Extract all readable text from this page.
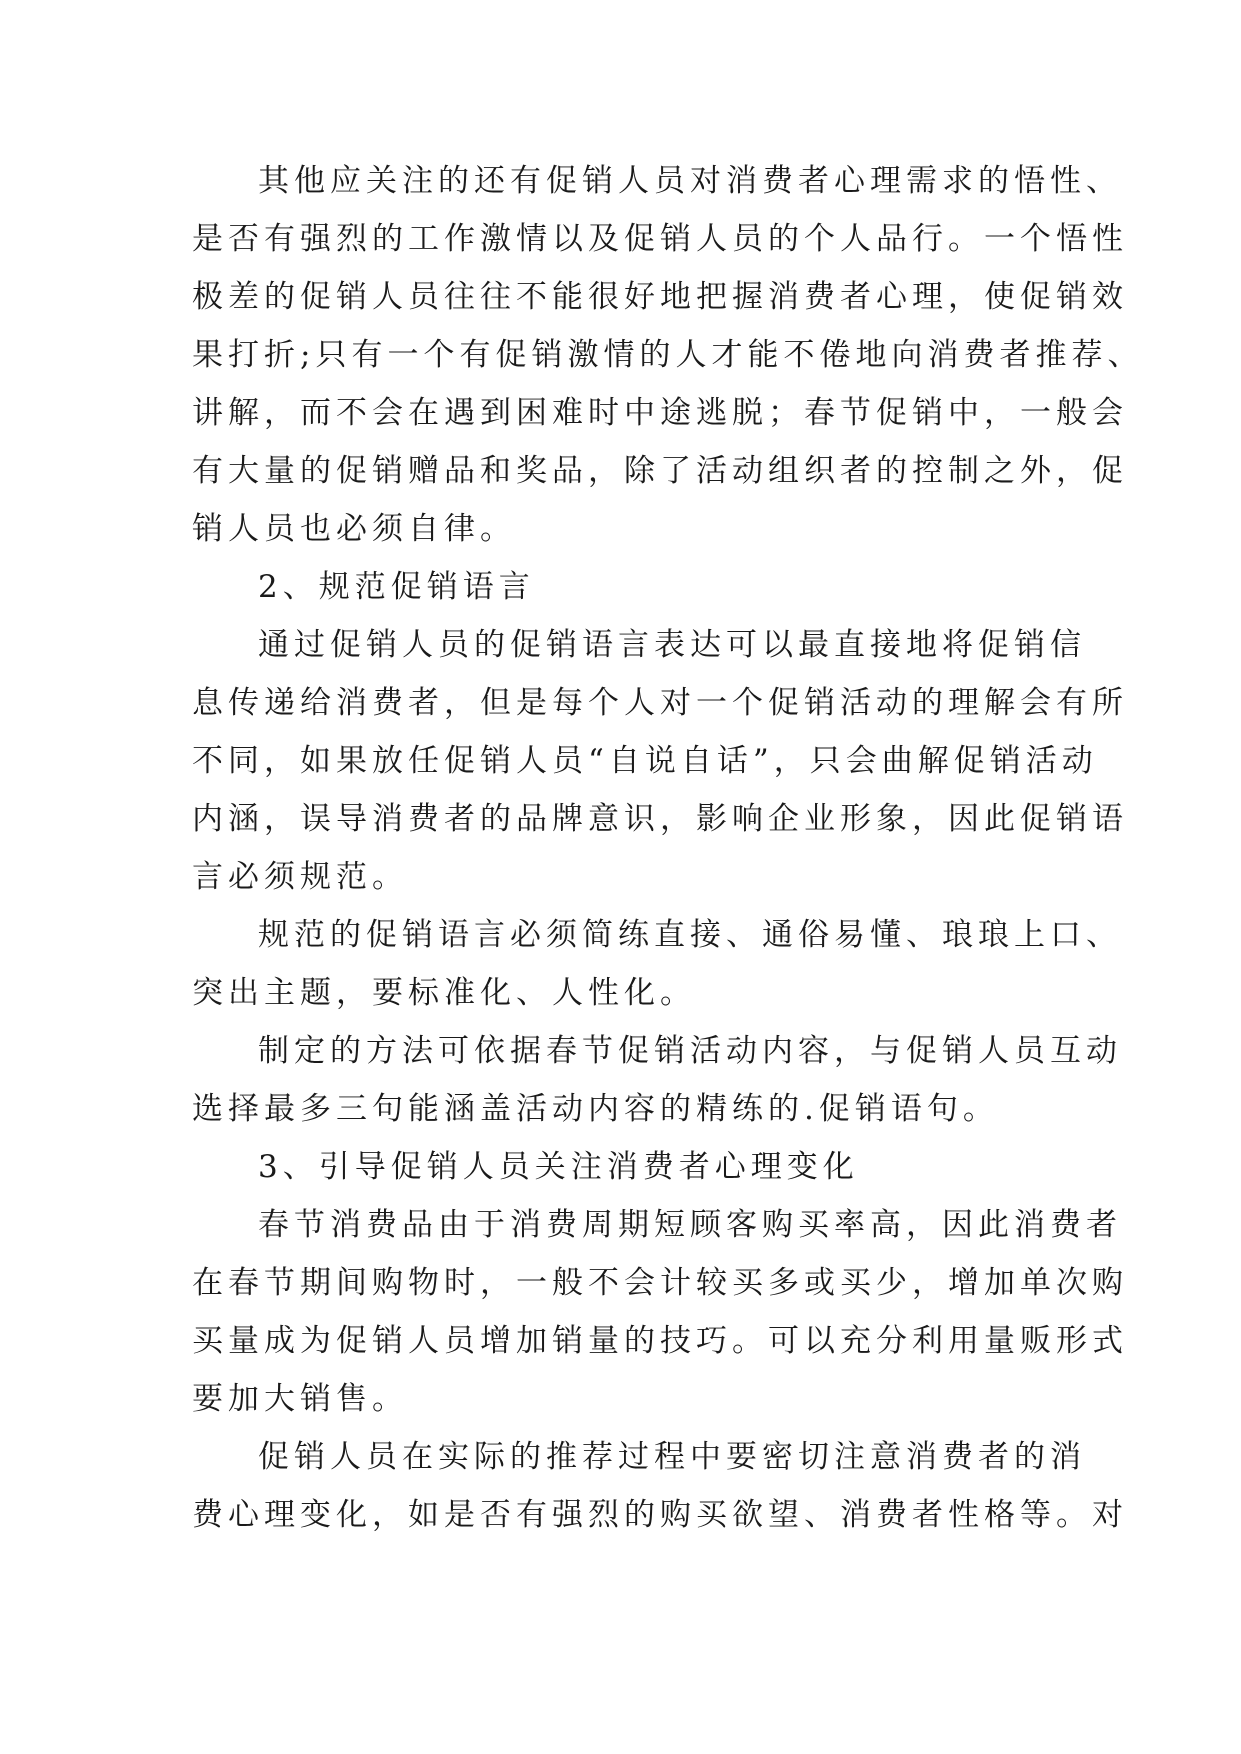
其他应关注的还有促销人员对消费者心理需求的悟性、
是否有强烈的工作激情以及促销人员的个人品行。一个悟性
极差的促销人员往往不能很好地把握消费者心理，使促销效
果打折;只有一个有促销激情的人才能不倦地向消费者推荐、
讲解，而不会在遇到困难时中途逃脱；春节促销中，一般会
有大量的促销赠品和奖品，除了活动组织者的控制之外，促
销人员也必须自律。
2、规范促销语言
通过促销人员的促销语言表达可以最直接地将促销信
息传递给消费者，但是每个人对一个促销活动的理解会有所
不同，如果放任促销人员“自说自话”，只会曲解促销活动
内涵，误导消费者的品牌意识，影响企业形象，因此促销语
言必须规范。
规范的促销语言必须简练直接、通俗易懂、琅琅上口、
突出主题，要标准化、人性化。
制定的方法可依据春节促销活动内容，与促销人员互动
选择最多三句能涵盖活动内容的精练的.促销语句。
3、引导促销人员关注消费者心理变化
春节消费品由于消费周期短顾客购买率高，因此消费者
在春节期间购物时，一般不会计较买多或买少，增加单次购
买量成为促销人员增加销量的技巧。可以充分利用量贩形式
要加大销售。
促销人员在实际的推荐过程中要密切注意消费者的消
费心理变化，如是否有强烈的购买欲望、消费者性格等。对
